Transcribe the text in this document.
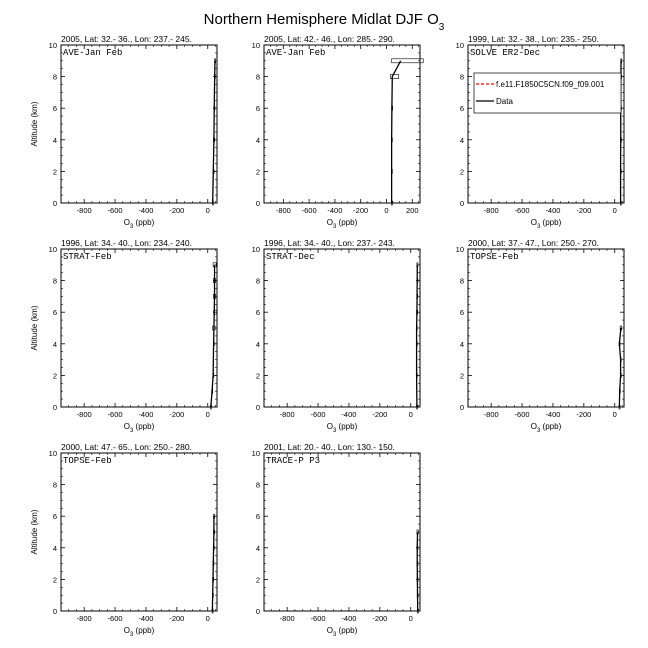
Northern Hemisphere Midlat DJF $O_3$
2005, Lat: 32.- 36., Lon: 237.- 245.
AVE-Jan Feb
-800 -600 -400 -200	0
0
2
4
6
8
10
$O_3$ (ppb)
Altitude (km)
2005, Lat: 42.- 46., Lon: 285.- 290.
AVE-Jan Feb
-800 -600 -400 -200 0 200
0
2
4
6
8
10
$O_3$ (ppb)
1999, Lat: 32.- 38., Lon: 235.- 250.
SOLVE ER2-Dec
-800 -600 -400 -200	0
0
2
4
6
8
10
$O_3$ (ppb)
f.e11.F1850C5CN.f09_f09.001
Data
1996, Lat: 34.- 40., Lon: 234.- 240.
STRAT-Feb
-800 -600 -400 -200	0
0
2
4
6
8
10
$O_3$ (ppb)
Altitude (km)
1996, Lat: 34.- 40., Lon: 237.- 243.
STRAT-Dec
-800 -600 -400 -200	0
0
2
4
6
8
10
$O_3$ (ppb)
2000, Lat: 37.- 47., Lon: 250.- 270.
TOPSE-Feb
-800 -600 -400 -200	0
0
2
4
6
8
10
$O_3$ (ppb)
2000, Lat: 47.- 65., Lon: 250.- 280.
TOPSE-Feb
-800 -600 -400 -200	0
0
2
4
6
8
10
$O_3$ (ppb)
Altitude (km)
2001, Lat: 20.- 40., Lon: 130.- 150.
TRACE-P P3
-800 -600 -400 -200	0
0
2
4
6
8
10
$O_3$ (ppb)
